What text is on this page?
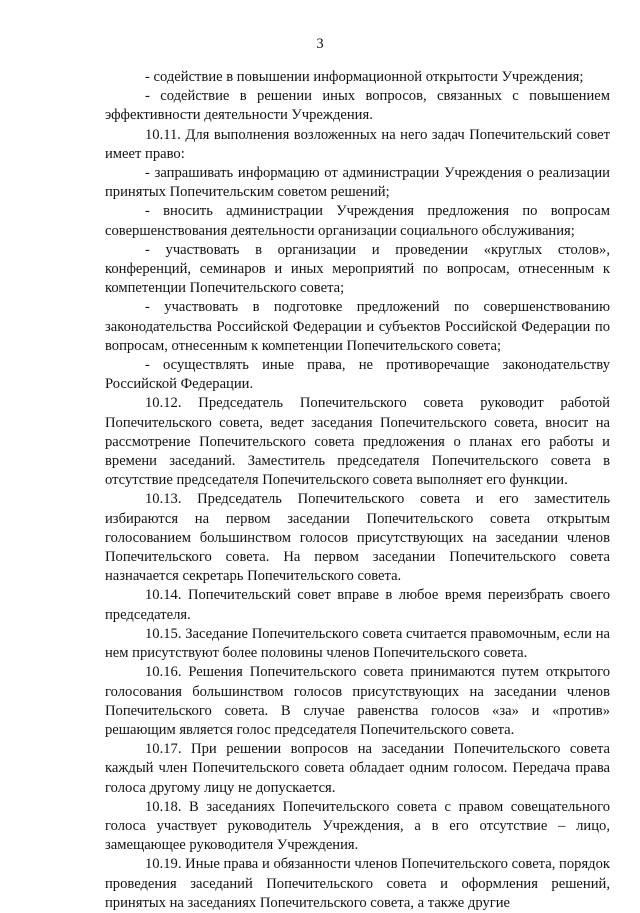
3

- содействие в повышении информационной открытости Учреждения;

- содействие в решении иных вопросов, связанных с повышением эффективности деятельности Учреждения.

10.11. Для выполнения возложенных на него задач Попечительский совет имеет право:

- запрашивать информацию от администрации Учреждения о реализации принятых Попечительским советом решений;

- вносить администрации Учреждения предложения по вопросам совершенствования деятельности организации социального обслуживания;

- участвовать в организации и проведении «круглых столов», конференций, семинаров и иных мероприятий по вопросам, отнесенным к компетенции Попечительского совета;

- участвовать в подготовке предложений по совершенствованию законодательства Российской Федерации и субъектов Российской Федерации по вопросам, отнесенным к компетенции Попечительского совета;

- осуществлять иные права, не противоречащие законодательству Российской Федерации.

10.12. Председатель Попечительского совета руководит работой Попечительского совета, ведет заседания Попечительского совета, вносит на рассмотрение Попечительского совета предложения о планах его работы и времени заседаний. Заместитель председателя Попечительского совета в отсутствие председателя Попечительского совета выполняет его функции.

10.13. Председатель Попечительского совета и его заместитель избираются на первом заседании Попечительского совета открытым голосованием большинством голосов присутствующих на заседании членов Попечительского совета. На первом заседании Попечительского совета назначается секретарь Попечительского совета.

10.14. Попечительский совет вправе в любое время переизбрать своего председателя.

10.15. Заседание Попечительского совета считается правомочным, если на нем присутствуют более половины членов Попечительского совета.

10.16. Решения Попечительского совета принимаются путем открытого голосования большинством голосов присутствующих на заседании членов Попечительского совета. В случае равенства голосов «за» и «против» решающим является голос председателя Попечительского совета.

10.17. При решении вопросов на заседании Попечительского совета каждый член Попечительского совета обладает одним голосом. Передача права голоса другому лицу не допускается.

10.18. В заседаниях Попечительского совета с правом совещательного голоса участвует руководитель Учреждения, а в его отсутствие – лицо, замещающее руководителя Учреждения.

10.19. Иные права и обязанности членов Попечительского совета, порядок проведения заседаний Попечительского совета и оформления решений, принятых на заседаниях Попечительского совета, а также другие
